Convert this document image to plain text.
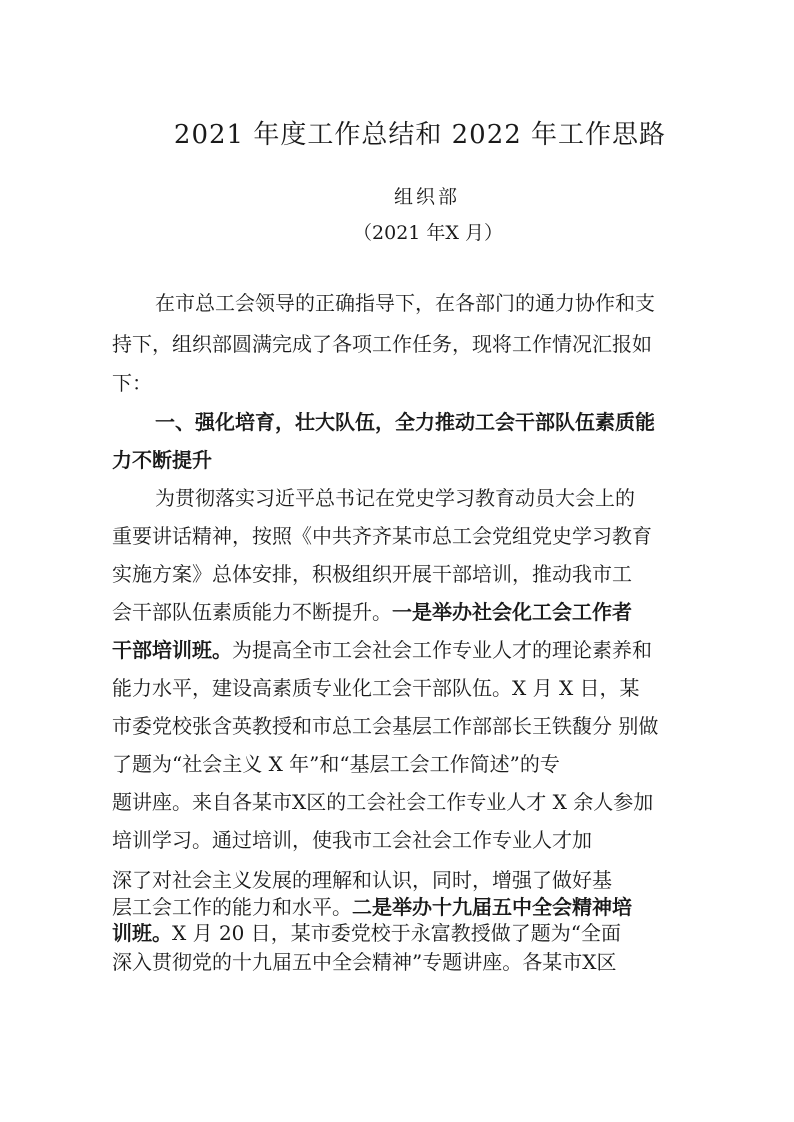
2021 年度工作总结和 2022 年工作思路
组织部
（2021 年X 月）
在市总工会领导的正确指导下，在各部门的通力协作和支
持下，组织部圆满完成了各项工作任务，现将工作情况汇报如
下：
一、强化培育，壮大队伍，全力推动工会干部队伍素质能
力不断提升
为贯彻落实习近平总书记在党史学习教育动员大会上的
重要讲话精神，按照《中共齐齐某市总工会党组党史学习教育
实施方案》总体安排，积极组织开展干部培训，推动我市工
会干部队伍素质能力不断提升。一是举办社会化工会工作者
干部培训班。为提高全市工会社会工作专业人才的理论素养和
能力水平，建设高素质专业化工会干部队伍。X 月 X 日，某
市委党校张含英教授和市总工会基层工作部部长王铁馥分 别做
了题为“社会主义 X 年”和“基层工会工作简述”的专
题讲座。来自各某市X区的工会社会工作专业人才 X 余人参加
培训学习。通过培训，使我市工会社会工作专业人才加
深了对社会主义发展的理解和认识，同时，增强了做好基
层工会工作的能力和水平。二是举办十九届五中全会精神培
训班。X 月 20 日，某市委党校于永富教授做了题为“全面
深入贯彻党的十九届五中全会精神”专题讲座。各某市X区
